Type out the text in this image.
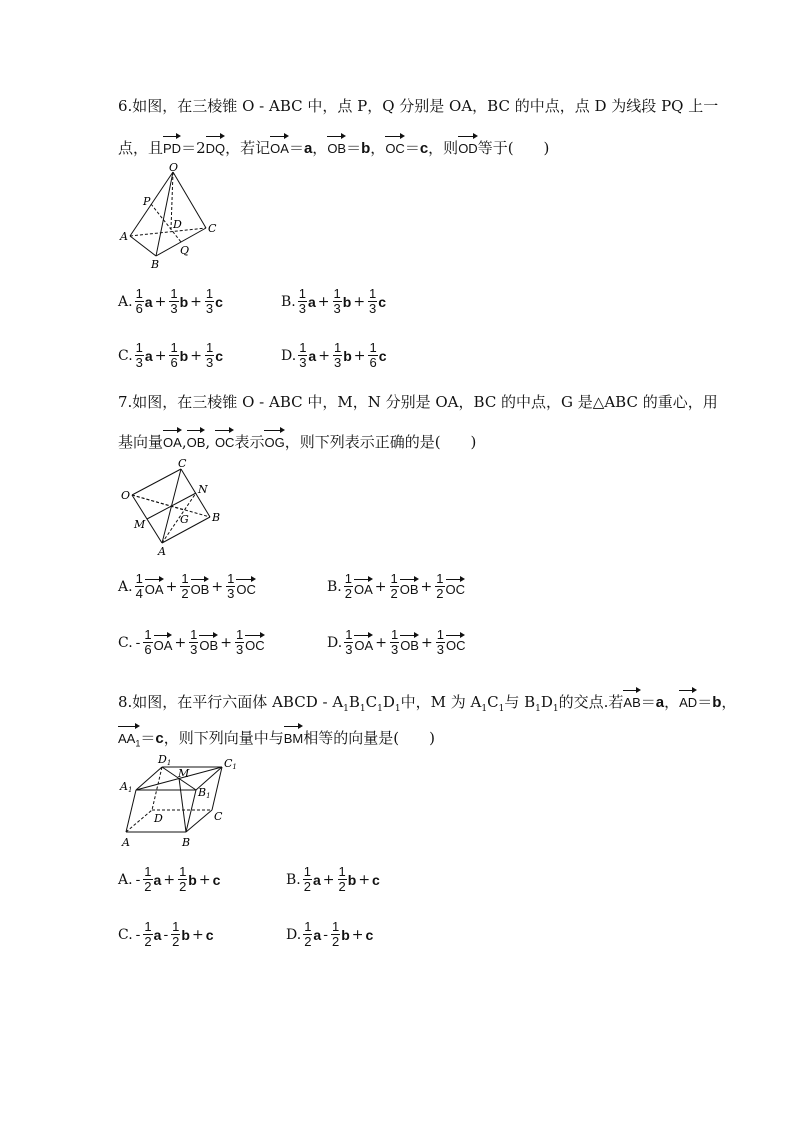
6.如图，在三棱锥 O - ABC 中，点 P，Q 分别是 OA，BC 的中点，点 D 为线段 PQ 上一
点，且PD＝2DQ，若记OA＝a，OB＝b，OC＝c，则OD等于(　　)
O
P
D C
A
Q
B
A. $\frac{1}{6}$ $a + \frac{1}{3}$ $b + \frac{1}{3}$ c	B. $\frac{1}{3}$ $a + \frac{1}{3}$ $b + \frac{1}{3}$ c
C. $\frac{1}{3}$ $a + \frac{1}{6}$ $b + \frac{1}{3}$ c	D. $\frac{1}{3}$ $a + \frac{1}{3}$ $b + \frac{1}{6}$ c
7.如图，在三棱锥 O - ABC 中，M，N 分别是 OA，BC 的中点，G 是△ABC 的重心，用
基向量OA,OB, OC表示OG，则下列表示正确的是(　　)
C
N
O
G B
M
A
A. $\frac{1}{4}$ OA + $\frac{1}{2}$ OB + $\frac{1}{3}$ OC	B. $\frac{1}{2}$ OA + $\frac{1}{2}$ OB + $\frac{1}{2}$ OC
C. - $\frac{1}{6}$ OA + $\frac{1}{3}$ OB + $\frac{1}{3}$ OC	D. $\frac{1}{3}$ OA + $\frac{1}{3}$ OB + $\frac{1}{3}$ OC
8.如图，在平行六面体 ABCD - $A_1B_1C_1D_1$中，M 为 $A_1C_1$与 $B_1D_1$的交点.若AB＝a，AD＝b，
$AA_1=c$，则下列向量中与BM相等的向量是(　　)
D1
M
C1
A1	B1
D	C
A	B
A. - $\frac{1}{2}$ $a + \frac{1}{2}$ b + c	B. $\frac{1}{2}$ $a + \frac{1}{2}$ b + c
C. - $\frac{1}{2}$ a - $\frac{1}{2}$ b + c	D. $\frac{1}{2}$ a - $\frac{1}{2}$ b + c
